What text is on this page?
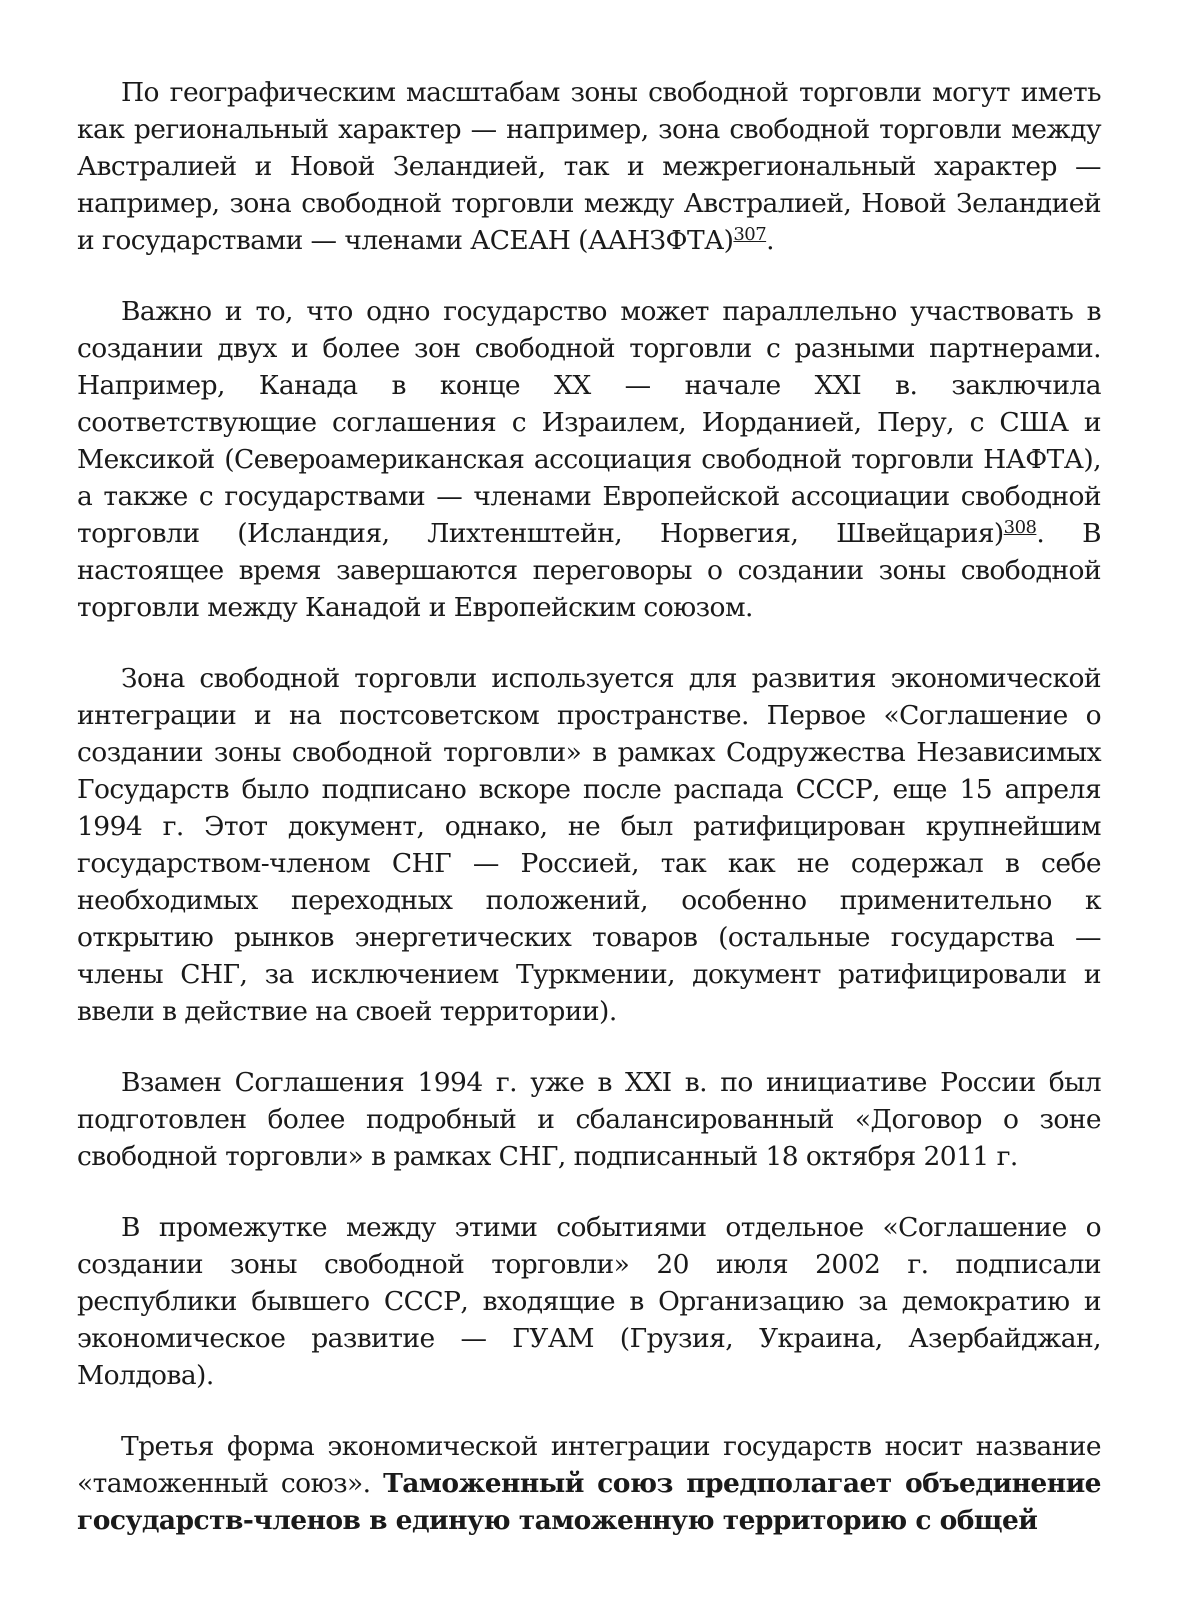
По географическим масштабам зоны свободной торговли могут иметь как региональный характер — например, зона свободной торговли между Австралией и Новой Зеландией, так и межрегиональный характер — например, зона свободной торговли между Австралией, Новой Зеландией и государствами — членами АСЕАН (ААНЗФТА)$^{307}$.

Важно и то, что одно государство может параллельно участвовать в создании двух и более зон свободной торговли с разными партнерами. Например, Канада в конце XX — начале XXI в. заключила соответствующие соглашения с Израилем, Иорданией, Перу, с США и Мексикой (Североамериканская ассоциация свободной торговли НАФТА), а также с государствами — членами Европейской ассоциации свободной торговли (Исландия, Лихтенштейн, Норвегия, Швейцария)$^{308}$. В настоящее время завершаются переговоры о создании зоны свободной торговли между Канадой и Европейским союзом.

Зона свободной торговли используется для развития экономической интеграции и на постсоветском пространстве. Первое «Соглашение о создании зоны свободной торговли» в рамках Содружества Независимых Государств было подписано вскоре после распада СССР, еще 15 апреля 1994 г. Этот документ, однако, не был ратифицирован крупнейшим государством-членом СНГ — Россией, так как не содержал в себе необходимых переходных положений, особенно применительно к открытию рынков энергетических товаров (остальные государства — члены СНГ, за исключением Туркмении, документ ратифицировали и ввели в действие на своей территории).

Взамен Соглашения 1994 г. уже в XXI в. по инициативе России был подготовлен более подробный и сбалансированный «Договор о зоне свободной торговли» в рамках СНГ, подписанный 18 октября 2011 г.

В промежутке между этими событиями отдельное «Соглашение о создании зоны свободной торговли» 20 июля 2002 г. подписали республики бывшего СССР, входящие в Организацию за демократию и экономическое развитие — ГУАМ (Грузия, Украина, Азербайджан, Молдова).

Третья форма экономической интеграции государств носит название «таможенный союз». Таможенный союз предполагает объединение государств-членов в единую таможенную территорию с общей
